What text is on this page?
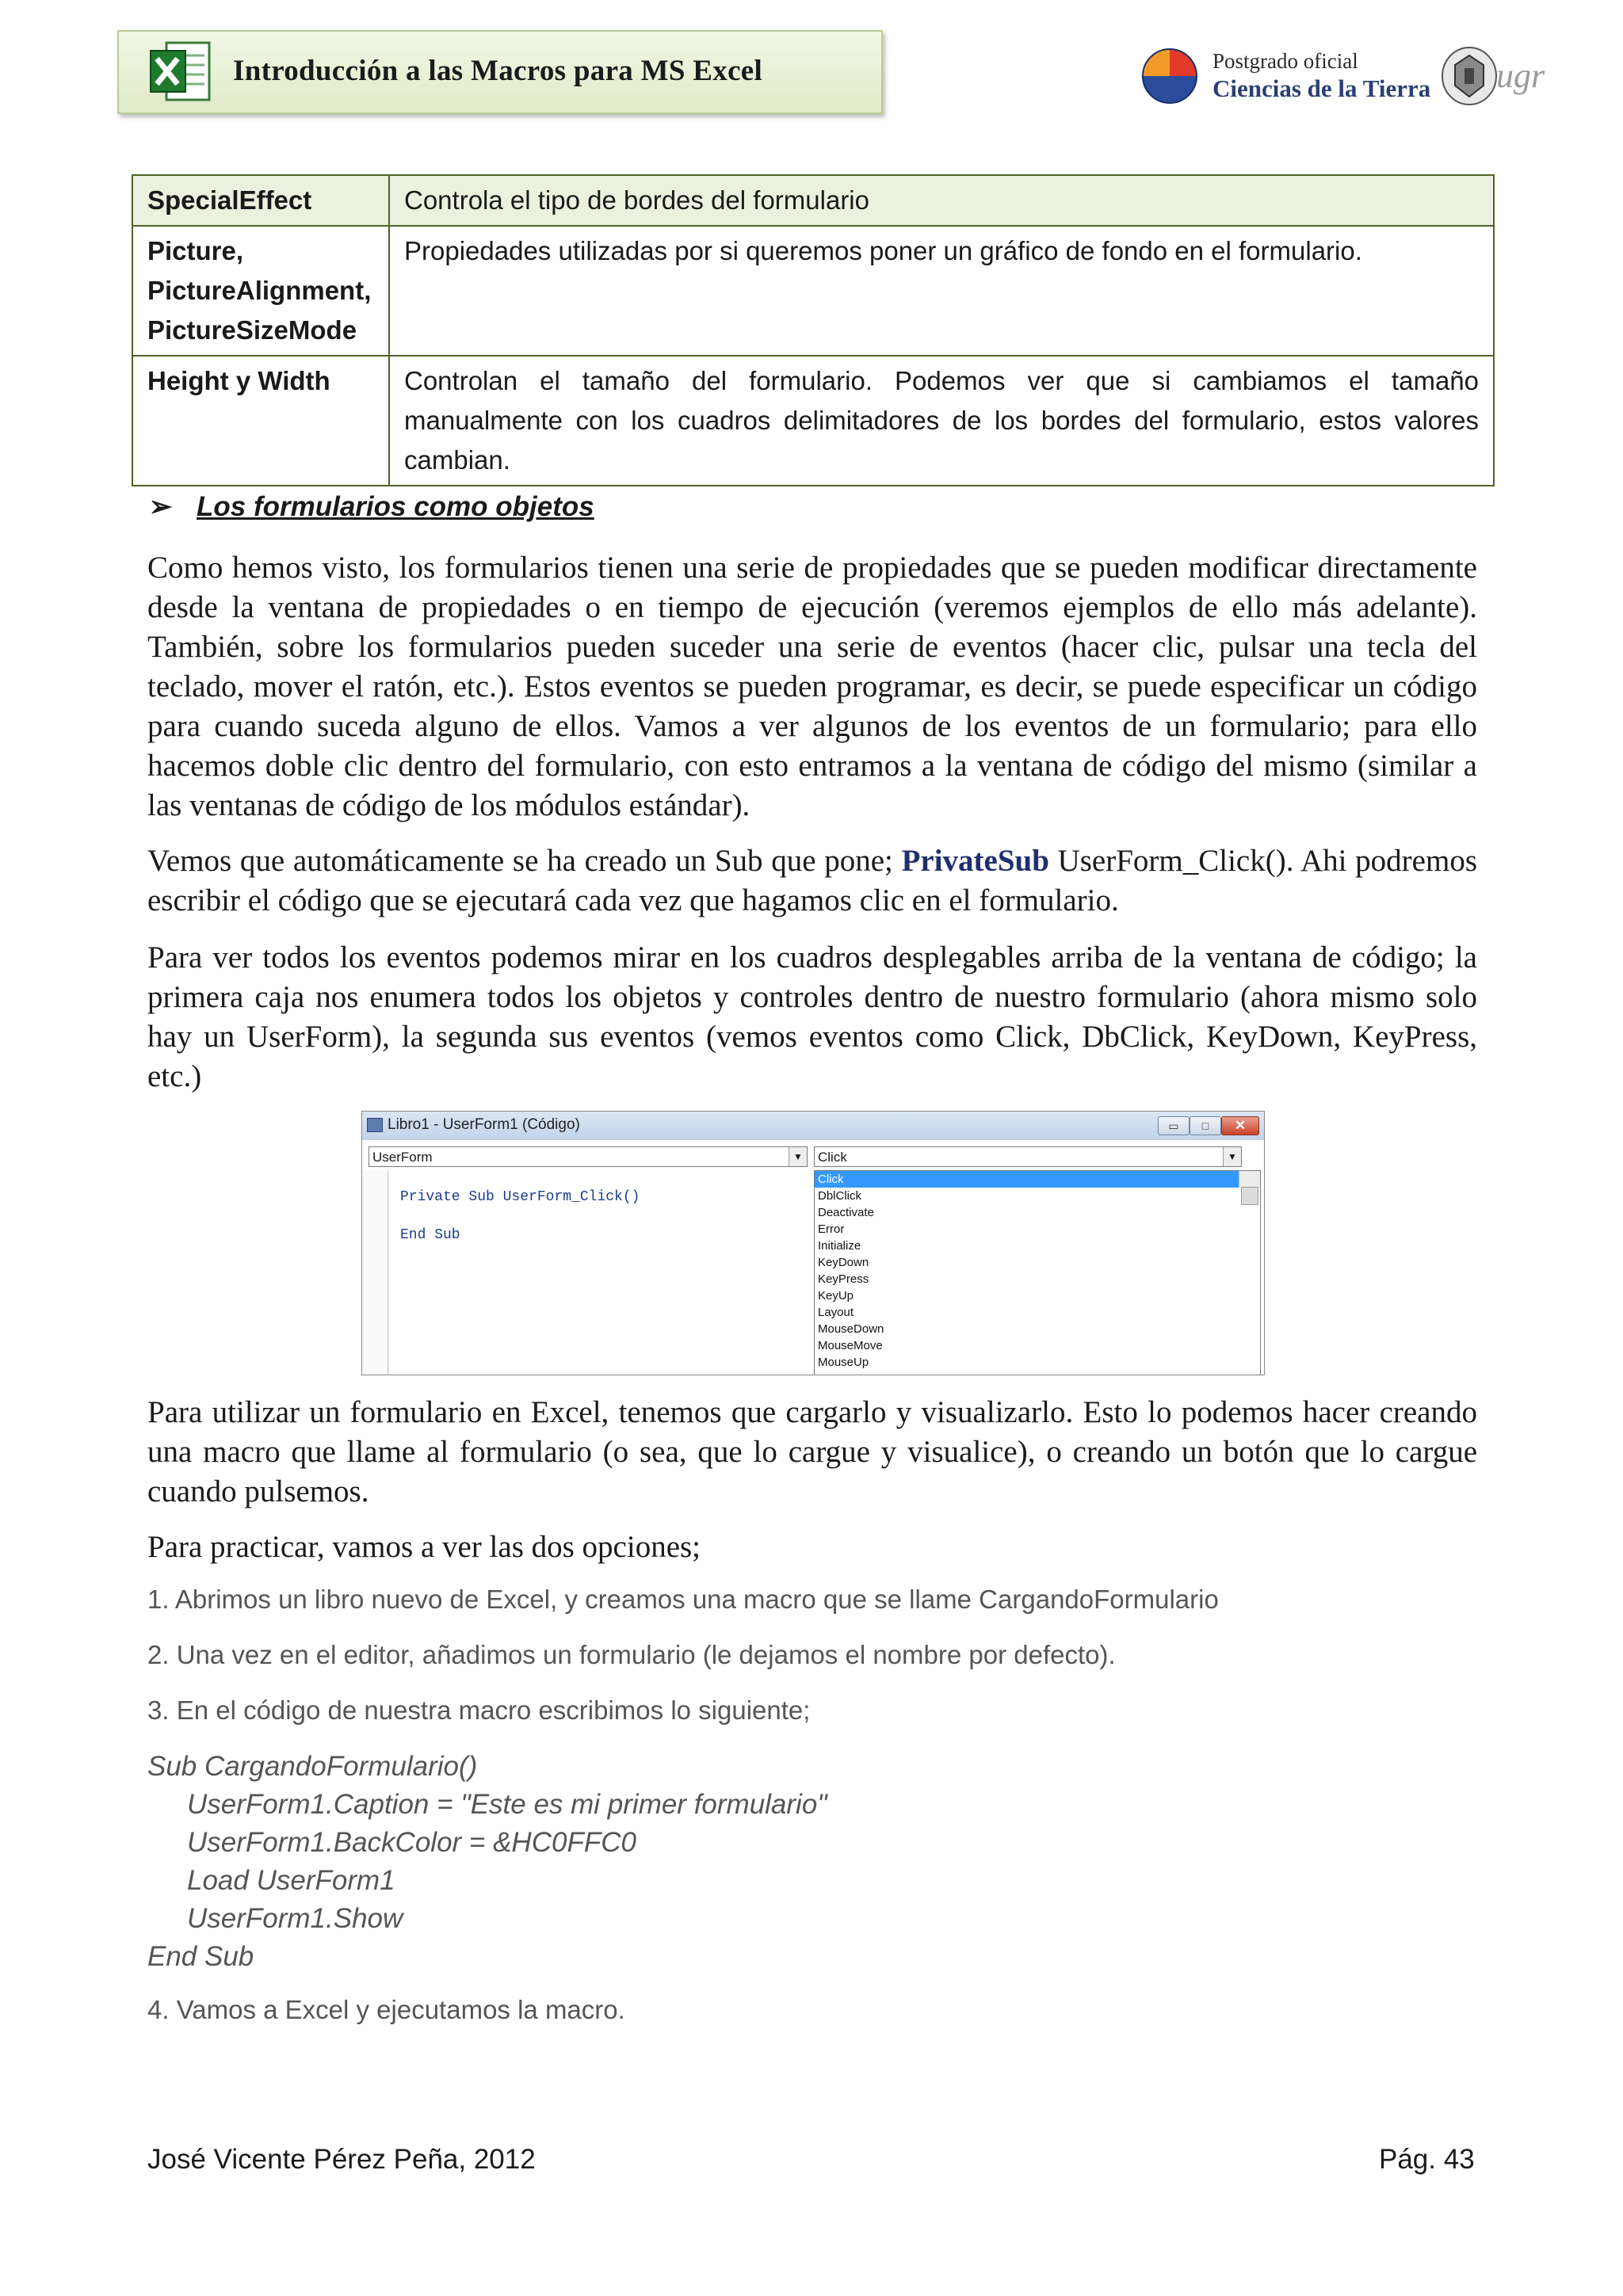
Introducción a las Macros para MS Excel	Postgrado oficial
Ciencias de la Tierra ugr
SpecialEffect	Controla el tipo de bordes del formulario
Picture, PictureAlignment, PictureSizeMode	Propiedades utilizadas por si queremos poner un gráfico de fondo en el formulario.
Height y Width	Controlan el tamaño del formulario. Podemos ver que si cambiamos el tamaño manualmente con los cuadros delimitadores de los bordes del formulario, estos valores cambian.
➢ Los formularios como objetos
Como hemos visto, los formularios tienen una serie de propiedades que se pueden modificar directamente desde la ventana de propiedades o en tiempo de ejecución (veremos ejemplos de ello más adelante). También, sobre los formularios pueden suceder una serie de eventos (hacer clic, pulsar una tecla del teclado, mover el ratón, etc.). Estos eventos se pueden programar, es decir, se puede especificar un código para cuando suceda alguno de ellos. Vamos a ver algunos de los eventos de un formulario; para ello hacemos doble clic dentro del formulario, con esto entramos a la ventana de código del mismo (similar a las ventanas de código de los módulos estándar).
Vemos que automáticamente se ha creado un Sub que pone; PrivateSub UserForm_Click(). Ahi podremos escribir el código que se ejecutará cada vez que hagamos clic en el formulario.
Para ver todos los eventos podemos mirar en los cuadros desplegables arriba de la ventana de código; la primera caja nos enumera todos los objetos y controles dentro de nuestro formulario (ahora mismo solo hay un UserForm), la segunda sus eventos (vemos eventos como Click, DbClick, KeyDown, KeyPress, etc.)
Libro1 - UserForm1 (Código)	▭	□	✕
UserForm	▼ Click	▼
Private Sub UserForm_Click()
End Sub
Click
DblClick
Deactivate
Error
Initialize
KeyDown
KeyPress
KeyUp
Layout
MouseDown
MouseMove
MouseUp
Para utilizar un formulario en Excel, tenemos que cargarlo y visualizarlo. Esto lo podemos hacer creando una macro que llame al formulario (o sea, que lo cargue y visualice), o creando un botón que lo cargue cuando pulsemos.
Para practicar, vamos a ver las dos opciones;
1. Abrimos un libro nuevo de Excel, y creamos una macro que se llame CargandoFormulario
2. Una vez en el editor, añadimos un formulario (le dejamos el nombre por defecto).
3. En el código de nuestra macro escribimos lo siguiente;
Sub CargandoFormulario()
UserForm1.Caption = "Este es mi primer formulario"
UserForm1.BackColor = &HC0FFC0
Load UserForm1
UserForm1.Show
End Sub
4. Vamos a Excel y ejecutamos la macro.
José Vicente Pérez Peña, 2012	Pág. 43
